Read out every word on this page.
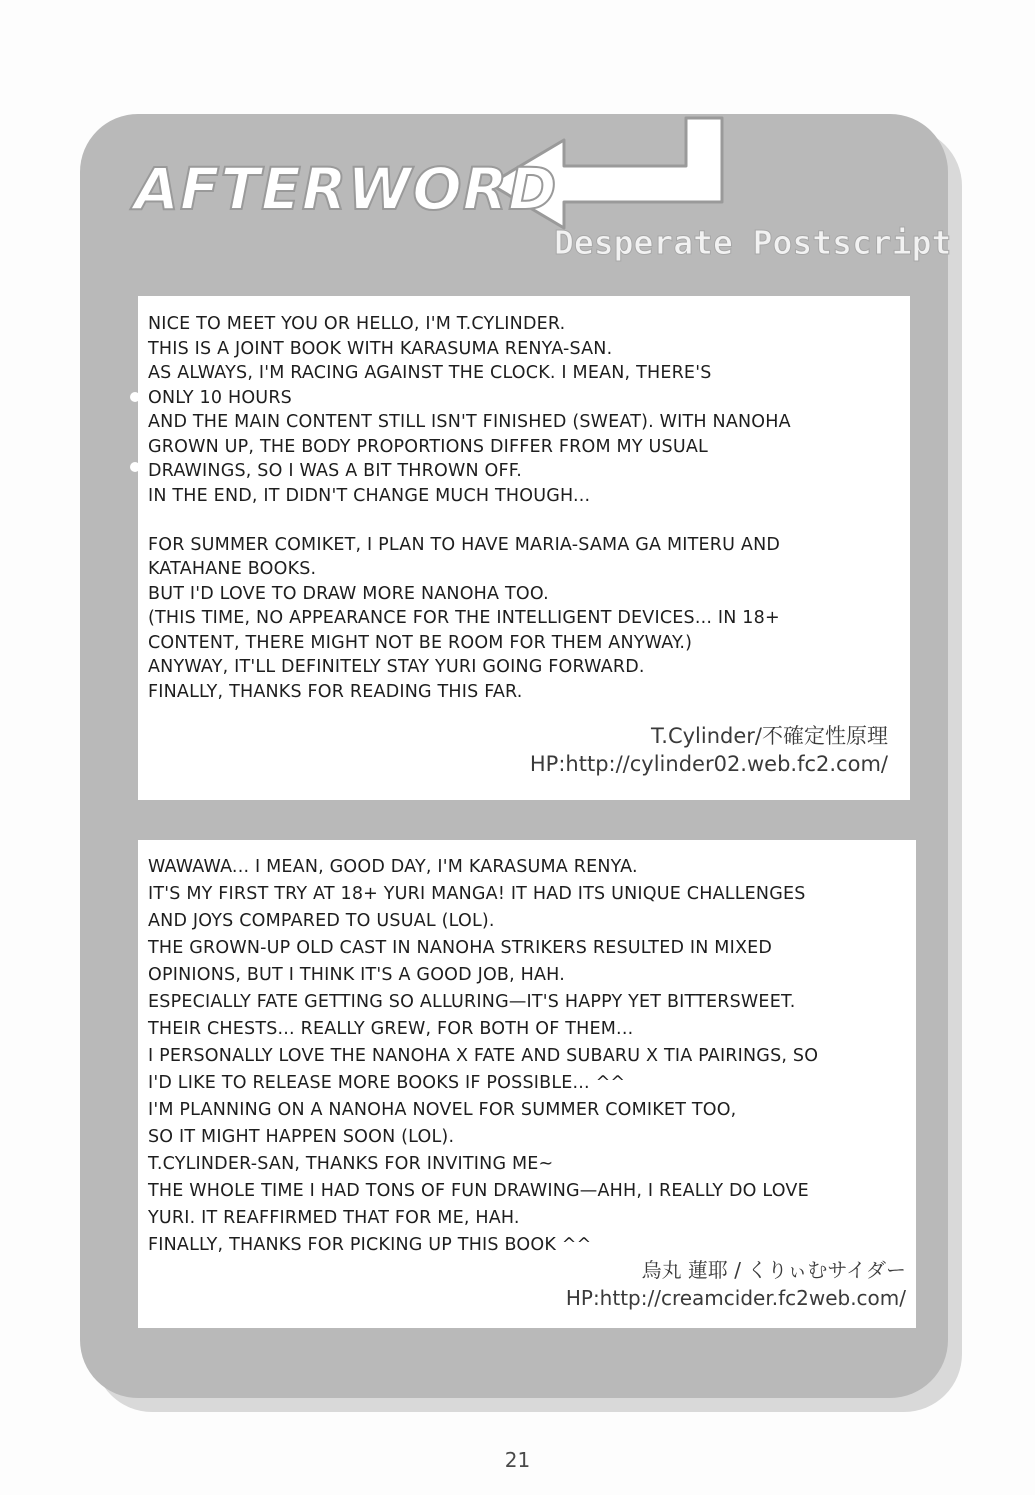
AFTERWORD
Desperate Postscript
NICE TO MEET YOU OR HELLO, I'M T.CYLINDER.
THIS IS A JOINT BOOK WITH KARASUMA RENYA-SAN.
AS ALWAYS, I'M RACING AGAINST THE CLOCK. I MEAN, THERE'S
ONLY 10 HOURS
AND THE MAIN CONTENT STILL ISN'T FINISHED (SWEAT). WITH NANOHA
GROWN UP, THE BODY PROPORTIONS DIFFER FROM MY USUAL
DRAWINGS, SO I WAS A BIT THROWN OFF.
IN THE END, IT DIDN'T CHANGE MUCH THOUGH...
FOR SUMMER COMIKET, I PLAN TO HAVE MARIA-SAMA GA MITERU AND
KATAHANE BOOKS.
BUT I'D LOVE TO DRAW MORE NANOHA TOO.
(THIS TIME, NO APPEARANCE FOR THE INTELLIGENT DEVICES... IN 18+
CONTENT, THERE MIGHT NOT BE ROOM FOR THEM ANYWAY.)
ANYWAY, IT'LL DEFINITELY STAY YURI GOING FORWARD.
FINALLY, THANKS FOR READING THIS FAR.
T.Cylinder/不確定性原理
HP:http://cylinder02.web.fc2.com/
WAWAWA... I MEAN, GOOD DAY, I'M KARASUMA RENYA.
IT'S MY FIRST TRY AT 18+ YURI MANGA! IT HAD ITS UNIQUE CHALLENGES
AND JOYS COMPARED TO USUAL (LOL).
THE GROWN-UP OLD CAST IN NANOHA STRIKERS RESULTED IN MIXED
OPINIONS, BUT I THINK IT'S A GOOD JOB, HAH.
ESPECIALLY FATE GETTING SO ALLURING—IT'S HAPPY YET BITTERSWEET.
THEIR CHESTS... REALLY GREW, FOR BOTH OF THEM...
I PERSONALLY LOVE THE NANOHA X FATE AND SUBARU X TIA PAIRINGS, SO
I'D LIKE TO RELEASE MORE BOOKS IF POSSIBLE... ^^
I'M PLANNING ON A NANOHA NOVEL FOR SUMMER COMIKET TOO,
SO IT MIGHT HAPPEN SOON (LOL).
T.CYLINDER-SAN, THANKS FOR INVITING ME~
THE WHOLE TIME I HAD TONS OF FUN DRAWING—AHH, I REALLY DO LOVE
YURI. IT REAFFIRMED THAT FOR ME, HAH.
FINALLY, THANKS FOR PICKING UP THIS BOOK ^^
烏丸 蓮耶 / くりぃむサイダー
HP:http://creamcider.fc2web.com/
21
